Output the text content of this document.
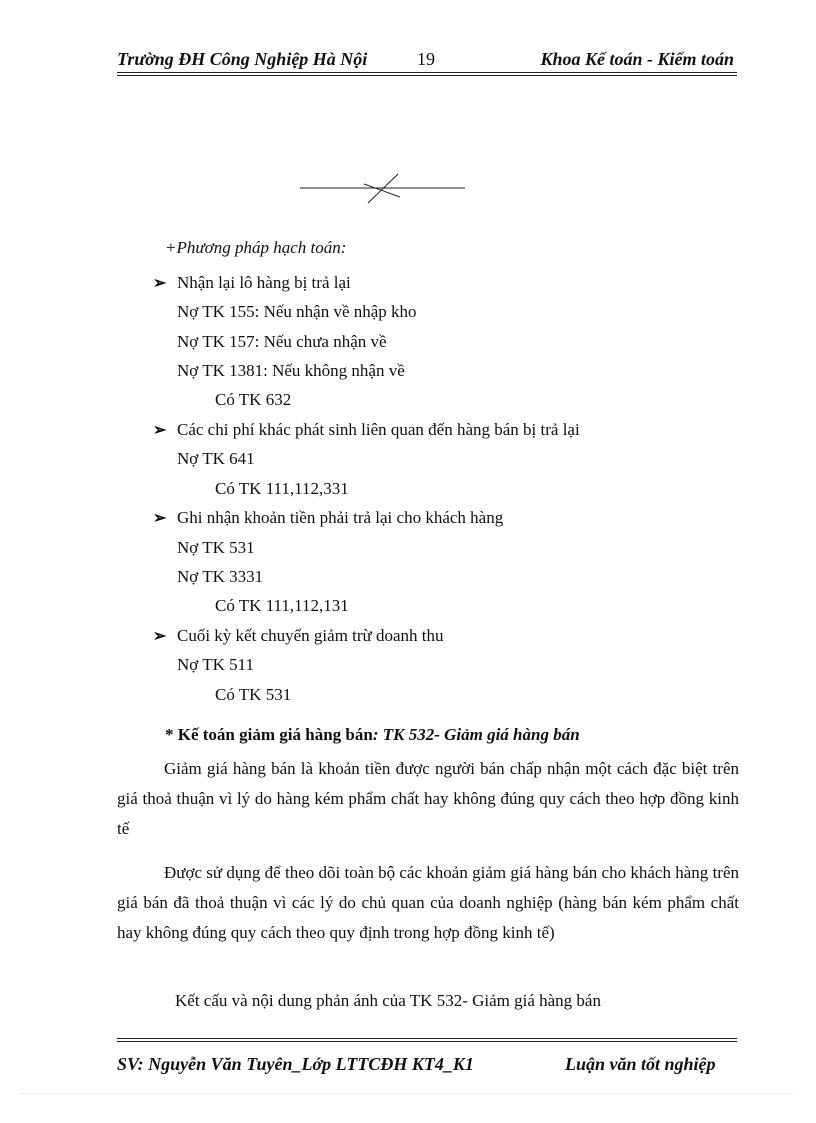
Trường ĐH Công Nghiệp Hà Nội	19	Khoa Kế toán - Kiểm toán
+Phương pháp hạch toán:
➢ Nhận lại lô hàng bị trả lại
Nợ TK 155: Nếu nhận về nhập kho
Nợ TK 157: Nếu chưa nhận về
Nợ TK 1381: Nếu không nhận về
Có TK 632
➢ Các chi phí khác phát sinh liên quan đến hàng bán bị trả lại
Nợ TK 641
Có TK 111,112,331
➢ Ghi nhận khoản tiền phải trả lại cho khách hàng
Nợ TK 531
Nợ TK 3331
Có TK 111,112,131
➢ Cuối kỳ kết chuyển giảm trừ doanh thu
Nợ TK 511
Có TK 531
* Kế toán giảm giá hàng bán: TK 532- Giảm giá hàng bán
Giảm giá hàng bán là khoản tiền được người bán chấp nhận một cách đặc biệt trên giá thoả thuận vì lý do hàng kém phẩm chất hay không đúng quy cách theo hợp đồng kinh tế
Được sử dụng để theo dõi toàn bộ các khoản giảm giá hàng bán cho khách hàng trên giá bán đã thoả thuận vì các lý do chủ quan của doanh nghiệp (hàng bán kém phẩm chất hay không đúng quy cách theo quy định trong hợp đồng kinh tế)
Kết cấu và nội dung phản ánh của TK 532- Giảm giá hàng bán
SV: Nguyễn Văn Tuyên_Lớp LTTCĐH KT4_K1	Luận văn tốt nghiệp
